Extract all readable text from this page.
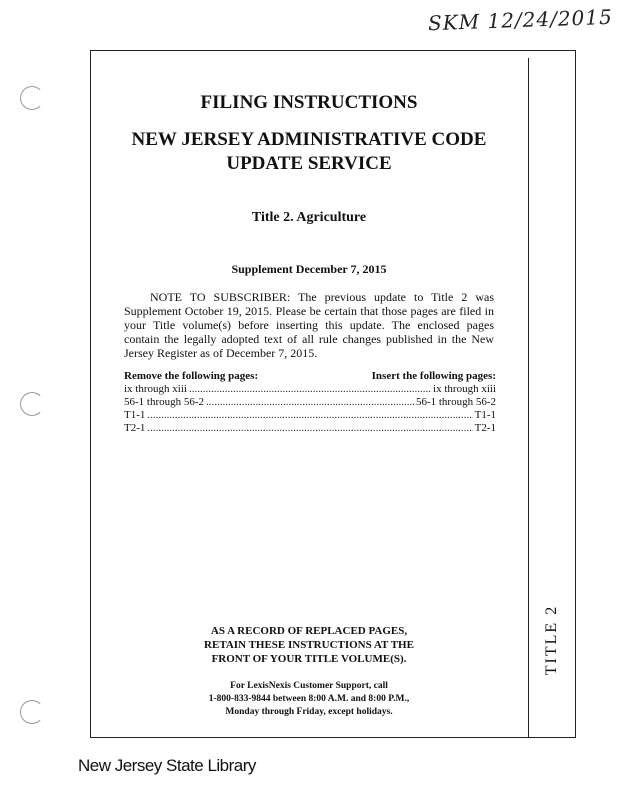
SKM 12/24/2015
TITLE 2
FILING INSTRUCTIONS
NEW JERSEY ADMINISTRATIVE CODE
UPDATE SERVICE
Title 2. Agriculture
Supplement December 7, 2015
NOTE TO SUBSCRIBER: The previous update to Title 2 was Supplement October 19, 2015. Please be certain that those pages are filed in your Title volume(s) before inserting this update. The enclosed pages contain the legally adopted text of all rule changes published in the New Jersey Register as of December 7, 2015.
Remove the following pages:	Insert the following pages:
ix through xiii .....	ix through xiii
56-1 through 56-2 .....	56-1 through 56-2
T1-1 .....	T1-1
T2-1 .....	T2-1
AS A RECORD OF REPLACED PAGES,
RETAIN THESE INSTRUCTIONS AT THE
FRONT OF YOUR TITLE VOLUME(S).
For LexisNexis Customer Support, call
1-800-833-9844 between 8:00 A.M. and 8:00 P.M.,
Monday through Friday, except holidays.
New Jersey State Library
